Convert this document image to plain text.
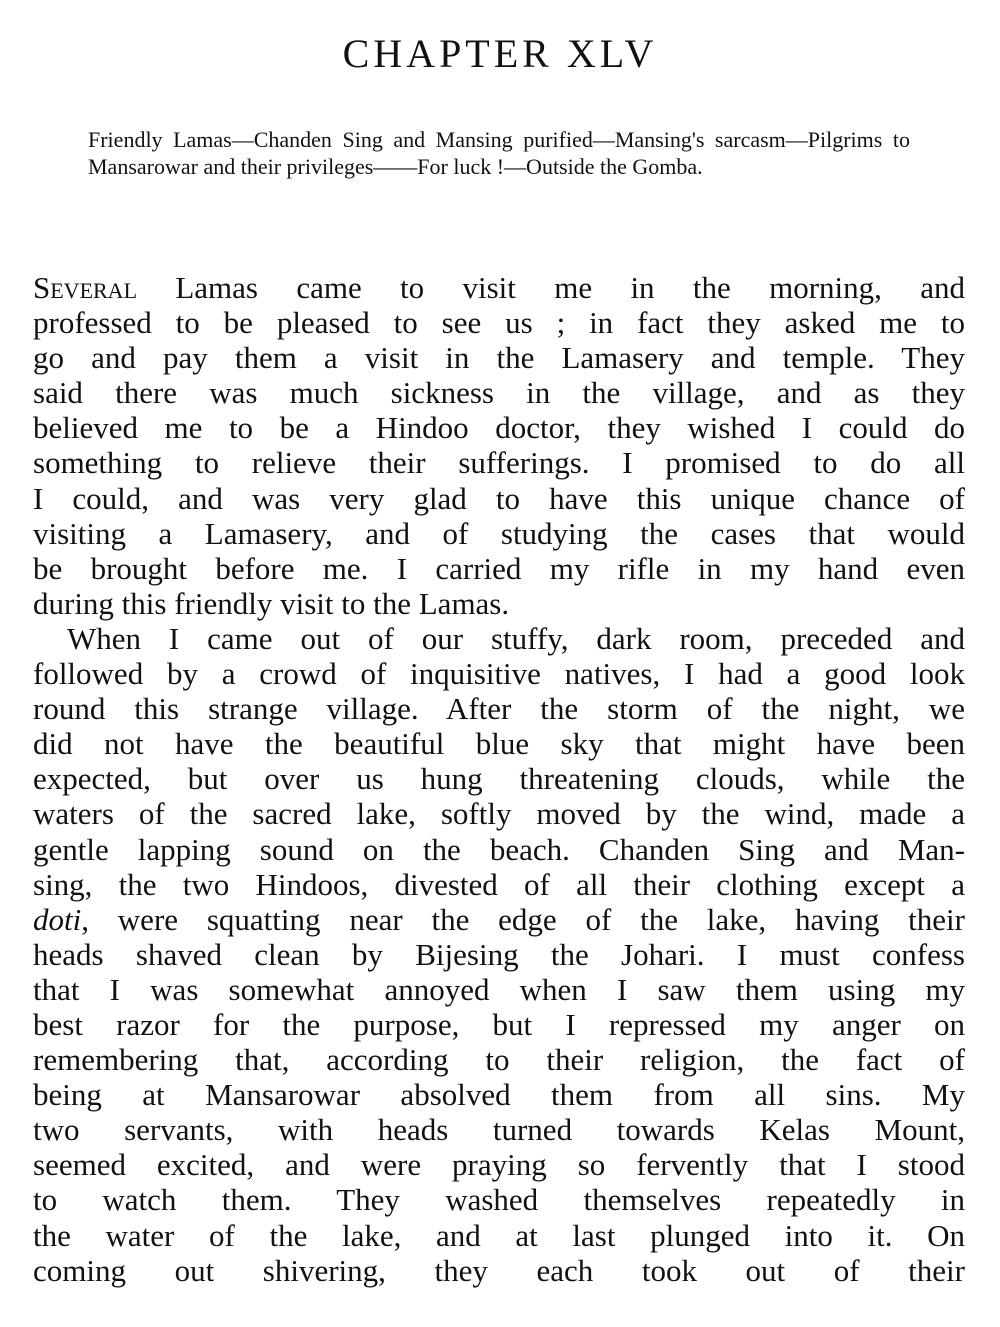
CHAPTER XLV

Friendly Lamas—Chanden Sing and Mansing purified—Mansing's sarcasm—Pilgrims to Mansarowar and their privileges——For luck !—Outside the Gomba.

Several Lamas came to visit me in the morning, and
professed to be pleased to see us ; in fact they asked me to
go and pay them a visit in the Lamasery and temple. They
said there was much sickness in the village, and as they
believed me to be a Hindoo doctor, they wished I could do
something to relieve their sufferings. I promised to do all
I could, and was very glad to have this unique chance of
visiting a Lamasery, and of studying the cases that would
be brought before me. I carried my rifle in my hand even
during this friendly visit to the Lamas.
When I came out of our stuffy, dark room, preceded and
followed by a crowd of inquisitive natives, I had a good look
round this strange village. After the storm of the night, we
did not have the beautiful blue sky that might have been
expected, but over us hung threatening clouds, while the
waters of the sacred lake, softly moved by the wind, made a
gentle lapping sound on the beach. Chanden Sing and Man-
sing, the two Hindoos, divested of all their clothing except a
doti, were squatting near the edge of the lake, having their
heads shaved clean by Bijesing the Johari. I must confess
that I was somewhat annoyed when I saw them using my
best razor for the purpose, but I repressed my anger on
remembering that, according to their religion, the fact of
being at Mansarowar absolved them from all sins. My
two servants, with heads turned towards Kelas Mount,
seemed excited, and were praying so fervently that I stood
to watch them. They washed themselves repeatedly in
the water of the lake, and at last plunged into it. On
coming out shivering, they each took out of their
